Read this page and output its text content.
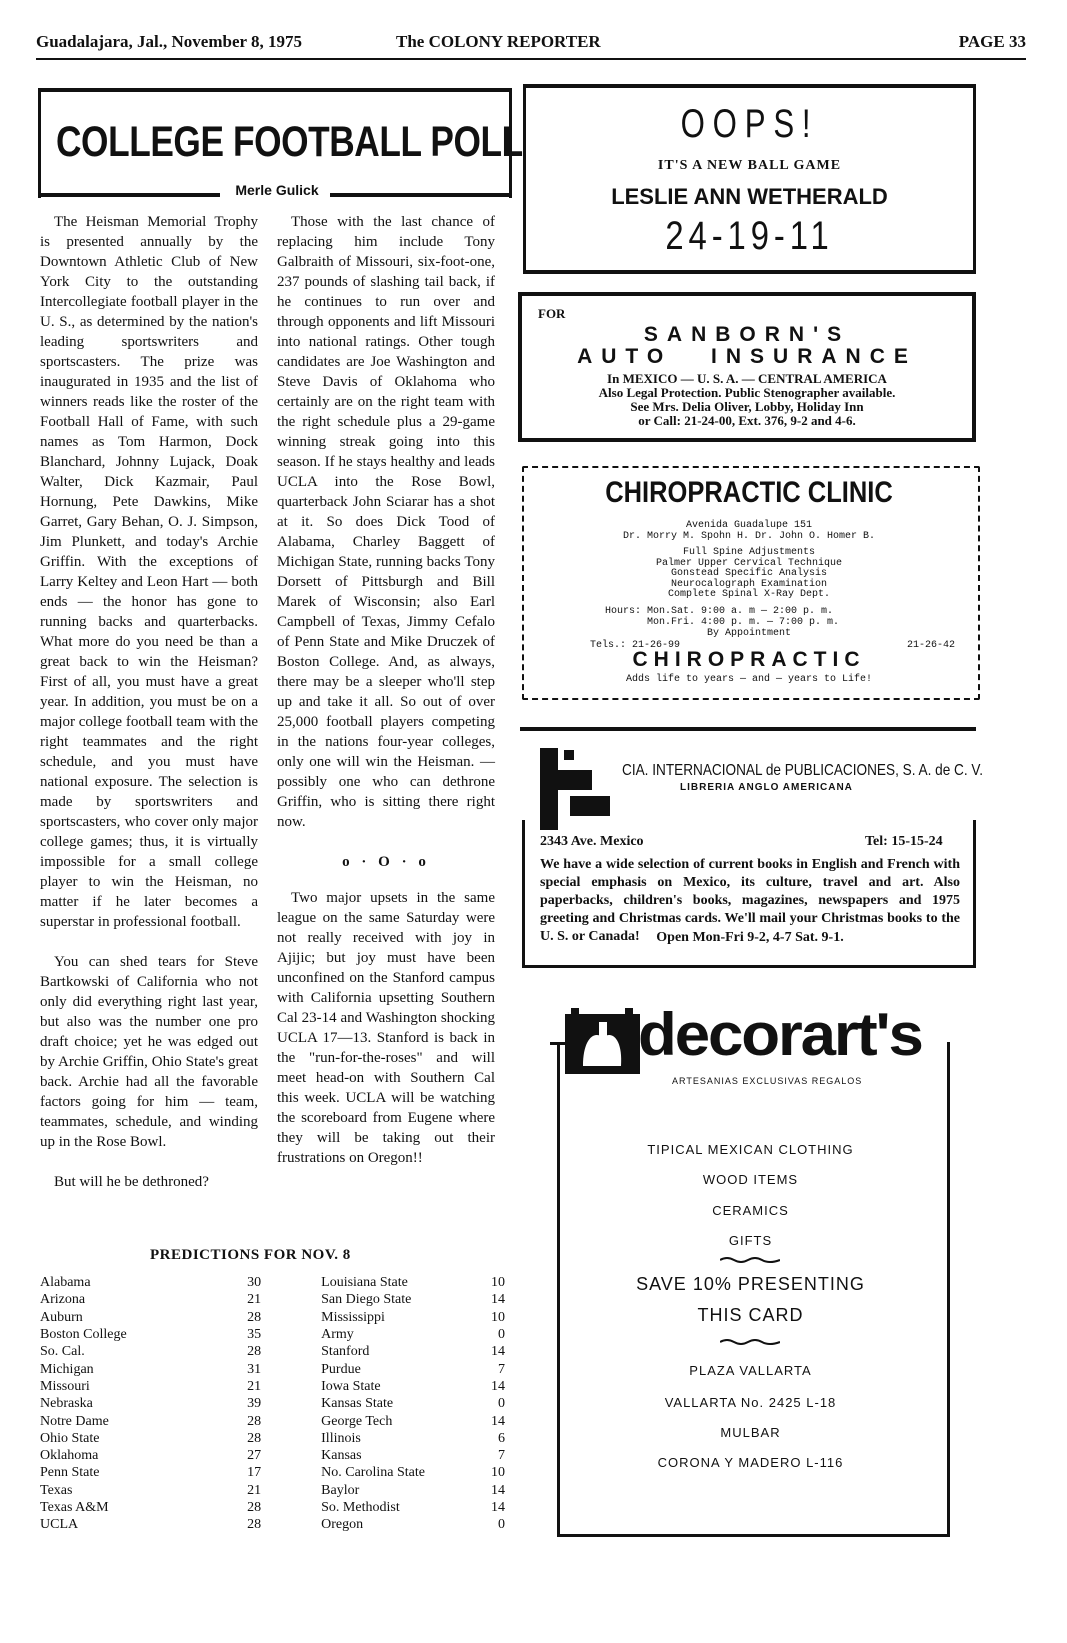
Guadalajara, Jal., November 8, 1975	The COLONY REPORTER	PAGE 33
COLLEGE FOOTBALL POLL
Merle Gulick

The Heisman Memorial Trophy is presented annually by the Downtown Athletic Club of New York City to the outstanding Intercollegiate football player in the U. S., as determined by the nation's leading sportswriters and sportscasters. The prize was inaugurated in 1935 and the list of winners reads like the roster of the Football Hall of Fame, with such names as Tom Harmon, Dock Blanchard, Johnny Lujack, Doak Walter, Dick Kazmair, Paul Hornung, Pete Dawkins, Mike Garret, Gary Behan, O. J. Simpson, Jim Plunkett, and today's Archie Griffin. With the exceptions of Larry Keltey and Leon Hart — both ends — the honor has gone to running backs and quarterbacks. What more do you need be than a great back to win the Heisman? First of all, you must have a great year. In addition, you must be on a major college football team with the right teammates and the right schedule, and you must have national exposure. The selection is made by sportswriters and sportscasters, who cover only major college games; thus, it is virtually impossible for a small college player to win the Heisman, no matter if he later becomes a superstar in professional football.

You can shed tears for Steve Bartkowski of California who not only did everything right last year, but also was the number one pro draft choice; yet he was edged out by Archie Griffin, Ohio State's great back. Archie had all the favorable factors going for him — team, teammates, schedule, and winding up in the Rose Bowl.

But will he be dethroned?

Those with the last chance of replacing him include Tony Galbraith of Missouri, six-foot-one, 237 pounds of slashing tail back, if he continues to run over and through opponents and lift Missouri into national ratings. Other tough candidates are Joe Washington and Steve Davis of Oklahoma who certainly are on the right team with the right schedule plus a 29-game winning streak going into this season. If he stays healthy and leads UCLA into the Rose Bowl, quarterback John Sciarar has a shot at it. So does Dick Tood of Alabama, Charley Baggett of Michigan State, running backs Tony Dorsett of Pittsburgh and Bill Marek of Wisconsin; also Earl Campbell of Texas, Jimmy Cefalo of Penn State and Mike Druczek of Boston College. And, as always, there may be a sleeper who'll step up and take it all. So out of over 25,000 football players competing in the nations four-year colleges, only one will win the Heisman. — possibly one who can dethrone Griffin, who is sitting there right now.

o · O · o

Two major upsets in the same league on the same Saturday were not really received with joy in Ajijic; but joy must have been unconfined on the Stanford campus with California upsetting Southern Cal 23-14 and Washington shocking UCLA 17—13. Stanford is back in the "run-for-the-roses" and will meet head-on with Southern Cal this week. UCLA will be watching the scoreboard from Eugene where they will be taking out their frustrations on Oregon!!

PREDICTIONS FOR NOV. 8
Alabama	30	Louisiana State	10
Arizona	21	San Diego State	14
Auburn	28	Mississippi	10
Boston College	35	Army	0
So. Cal.	28	Stanford	14
Michigan	31	Purdue	7
Missouri	21	Iowa State	14
Nebraska	39	Kansas State	0
Notre Dame	28	George Tech	14
Ohio State	28	Illinois	6
Oklahoma	27	Kansas	7
Penn State	17	No. Carolina State	10
Texas	21	Baylor	14
Texas A&M	28	So. Methodist	14
UCLA	28	Oregon	0
OOPS!
IT'S A NEW BALL GAME
LESLIE ANN WETHERALD
24-19-11
FOR
SANBORN'S
AUTO INSURANCE
In MEXICO — U. S. A. — CENTRAL AMERICA
Also Legal Protection. Public Stenographer available.
See Mrs. Delia Oliver, Lobby, Holiday Inn
or Call: 21-24-00, Ext. 376, 9-2 and 4-6.
CHIROPRACTIC CLINIC
Avenida Guadalupe 151
Dr. Morry M. Spohn H. Dr. John O. Homer B.
Full Spine Adjustments
Palmer Upper Cervical Technique
Gonstead Specific Analysis
Neurocalograph Examination
Complete Spinal X-Ray Dept.
Hours:	Mon.Sat.	9:00 a. m — 2:00 p. m.
	Mon.Fri.	4:00 p. m. — 7:00 p. m.
By Appointment
Tels.: 21-26-99	21-26-42
CHIROPRACTIC
Adds life to years — and — years to Life!
CIA. INTERNACIONAL de PUBLICACIONES, S. A. de C. V.
LIBRERIA ANGLO AMERICANA
2343 Ave. Mexico	Tel: 15-15-24
We have a wide selection of current books in English and French with special emphasis on Mexico, its culture, travel and art. Also paperbacks, children's books, magazines, newspapers and 1975 greeting and Christmas cards. We'll mail your Christmas books to the U. S. or Canada!	Open Mon-Fri 9-2, 4-7 Sat. 9-1.
decorart's
ARTESANIAS EXCLUSIVAS REGALOS
TIPICAL MEXICAN CLOTHING
WOOD ITEMS
CERAMICS
GIFTS
SAVE 10% PRESENTING
THIS CARD
PLAZA VALLARTA
VALLARTA No. 2425 L-18
MULBAR
CORONA Y MADERO L-116
